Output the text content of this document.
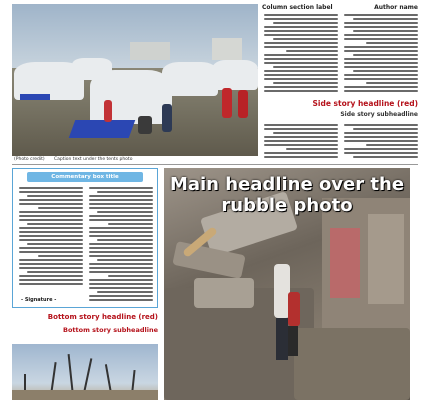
Caption text under the tents photo
(Photo credit)
Author name
Column section label
Side story headline (red)
Side story subheadline
Main headline over the rubble photo
Commentary box title
- Signature -
Bottom story headline (red)
Bottom story subheadline
